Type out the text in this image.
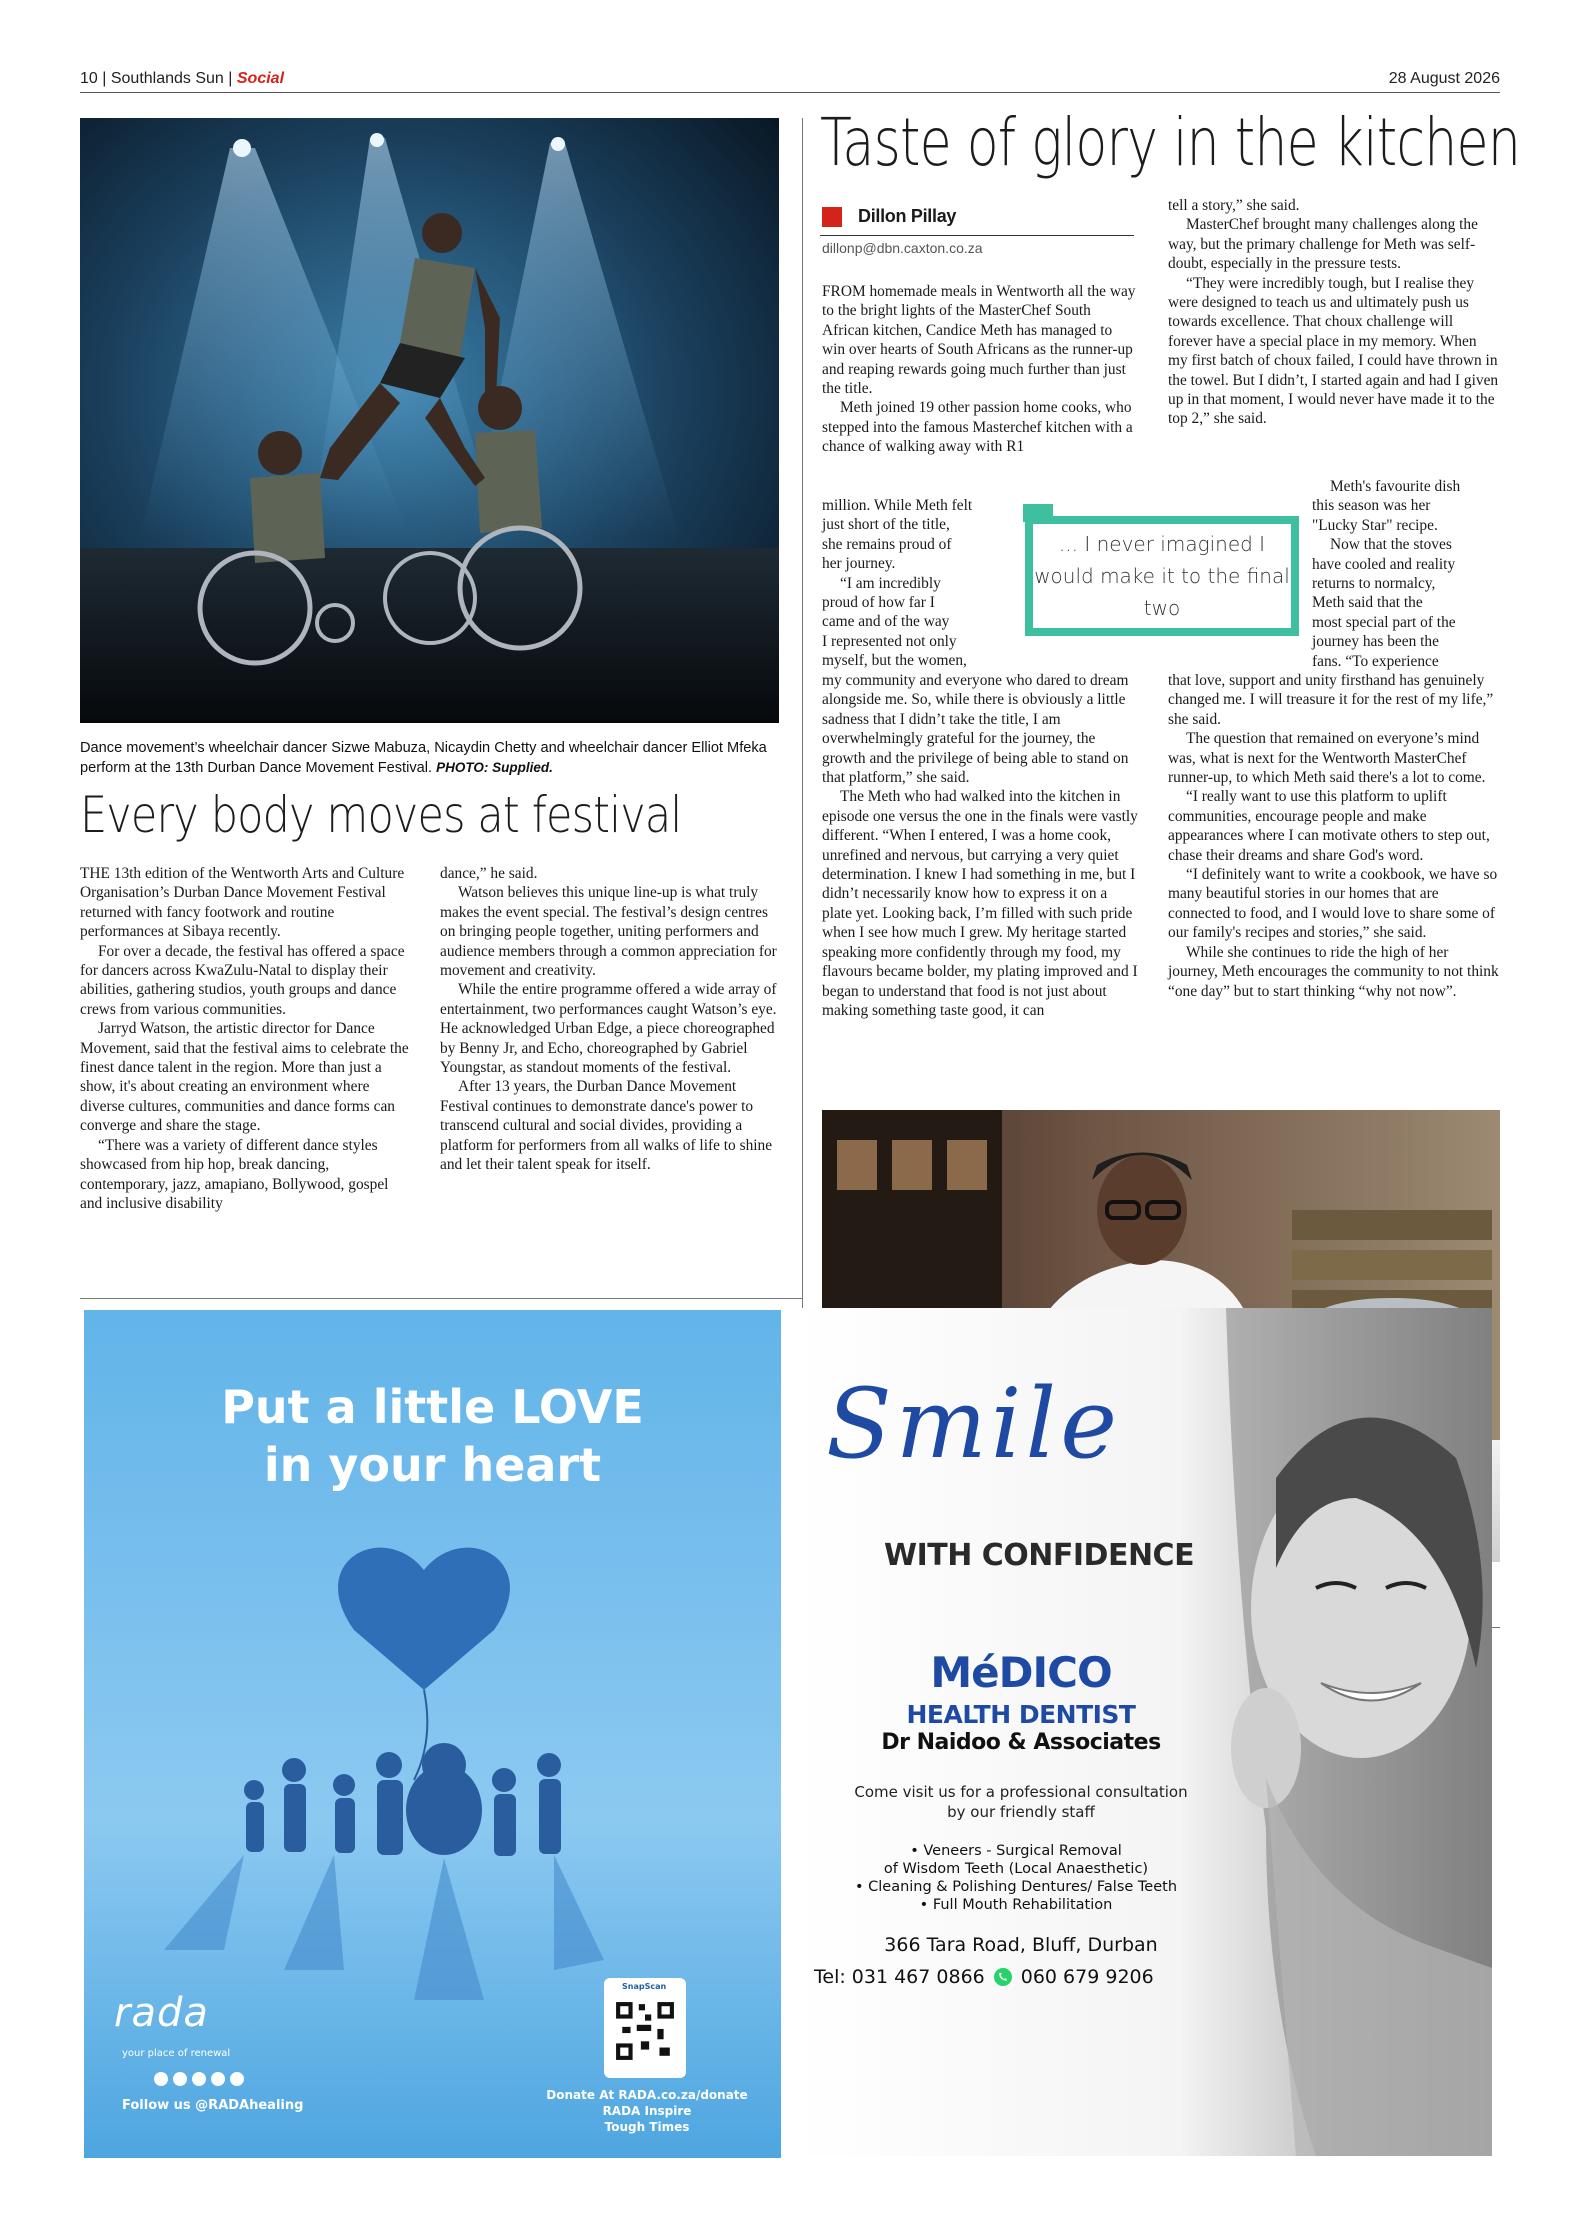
10 | Southlands Sun | Social	28 August 2026
Dance movement’s wheelchair dancer Sizwe Mabuza, Nicaydin Chetty and wheelchair dancer Elliot Mfeka perform at the 13th Durban Dance Movement Festival. PHOTO: Supplied.
Every body moves at festival

THE 13th edition of the Wentworth Arts and Culture Organisation’s Durban Dance Movement Festival returned with fancy footwork and routine performances at Sibaya recently.

For over a decade, the festival has offered a space for dancers across KwaZulu-Natal to display their abilities, gathering studios, youth groups and dance crews from various communities.

Jarryd Watson, the artistic director for Dance Movement, said that the festival aims to celebrate the finest dance talent in the region. More than just a show, it's about creating an environment where diverse cultures, communities and dance forms can converge and share the stage.

“There was a variety of different dance styles showcased from hip hop, break dancing, contemporary, jazz, amapiano, Bollywood, gospel and inclusive disability

dance,” he said.

Watson believes this unique line-up is what truly makes the event special. The festival’s design centres on bringing people together, uniting performers and audience members through a common appreciation for movement and creativity.

While the entire programme offered a wide array of entertainment, two performances caught Watson’s eye. He acknowledged Urban Edge, a piece choreographed by Benny Jr, and Echo, choreographed by Gabriel Youngstar, as standout moments of the festival.

After 13 years, the Durban Dance Movement Festival continues to demonstrate dance's power to transcend cultural and social divides, providing a platform for performers from all walks of life to shine and let their talent speak for itself.

Taste of glory in the kitchen
Dillon Pillay
dillonp@dbn.caxton.co.za

FROM homemade meals in Wentworth all the way to the bright lights of the MasterChef South African kitchen, Candice Meth has managed to win over hearts of South Africans as the runner-up and reaping rewards going much further than just the title.

Meth joined 19 other passion home cooks, who stepped into the famous Masterchef kitchen with a chance of walking away with R1

million. While Meth felt
just short of the title,
she remains proud of
her journey.
“I am incredibly
proud of how far I
came and of the way
I represented not only
myself, but the women,

my community and everyone who dared to dream alongside me. So, while there is obviously a little sadness that I didn’t take the title, I am overwhelmingly grateful for the journey, the growth and the privilege of being able to stand on that platform,” she said.

The Meth who had walked into the kitchen in episode one versus the one in the finals were vastly different. “When I entered, I was a home cook, unrefined and nervous, but carrying a very quiet determination. I knew I had something in me, but I didn’t necessarily know how to express it on a plate yet. Looking back, I’m filled with such pride when I see how much I grew. My heritage started speaking more confidently through my food, my flavours became bolder, my plating improved and I began to understand that food is not just about making something taste good, it can

tell a story,” she said.

MasterChef brought many challenges along the way, but the primary challenge for Meth was self-doubt, especially in the pressure tests.

“They were incredibly tough, but I realise they were designed to teach us and ultimately push us towards excellence. That choux challenge will forever have a special place in my memory. When my first batch of choux failed, I could have thrown in the towel. But I didn’t, I started again and had I given up in that moment, I would never have made it to the top 2,” she said.

Meth's favourite dish
this season was her
"Lucky Star" recipe.
Now that the stoves
have cooled and reality
returns to normalcy,
Meth said that the
most special part of the
journey has been the
fans. “To experience

that love, support and unity firsthand has genuinely changed me. I will treasure it for the rest of my life,” she said.

The question that remained on everyone’s mind was, what is next for the Wentworth MasterChef runner-up, to which Meth said there's a lot to come.

“I really want to use this platform to uplift communities, encourage people and make appearances where I can motivate others to step out, chase their dreams and share God's word.

“I definitely want to write a cookbook, we have so many beautiful stories in our homes that are connected to food, and I would love to share some of our family's recipes and stories,” she said.

While she continues to ride the high of her journey, Meth encourages the community to not think “one day” but to start thinking “why not now”.

... I never imagined I would make it to the final two
Put a little LOVE
in your heart
rada
your place of renewal
Follow us @RADAhealing
SnapScan
Donate At RADA.co.za/donate
RADA Inspire
Tough Times
Smile
WITH CONFIDENCE
MéDICO
HEALTH DENTIST
Dr Naidoo & Associates
Come visit us for a professional consultation
by our friendly staff
• Veneers - Surgical Removal
of Wisdom Teeth (Local Anaesthetic)
• Cleaning & Polishing Dentures/ False Teeth
• Full Mouth Rehabilitation
366 Tara Road, Bluff, Durban
Tel: 031 467 0866 060 679 9206
